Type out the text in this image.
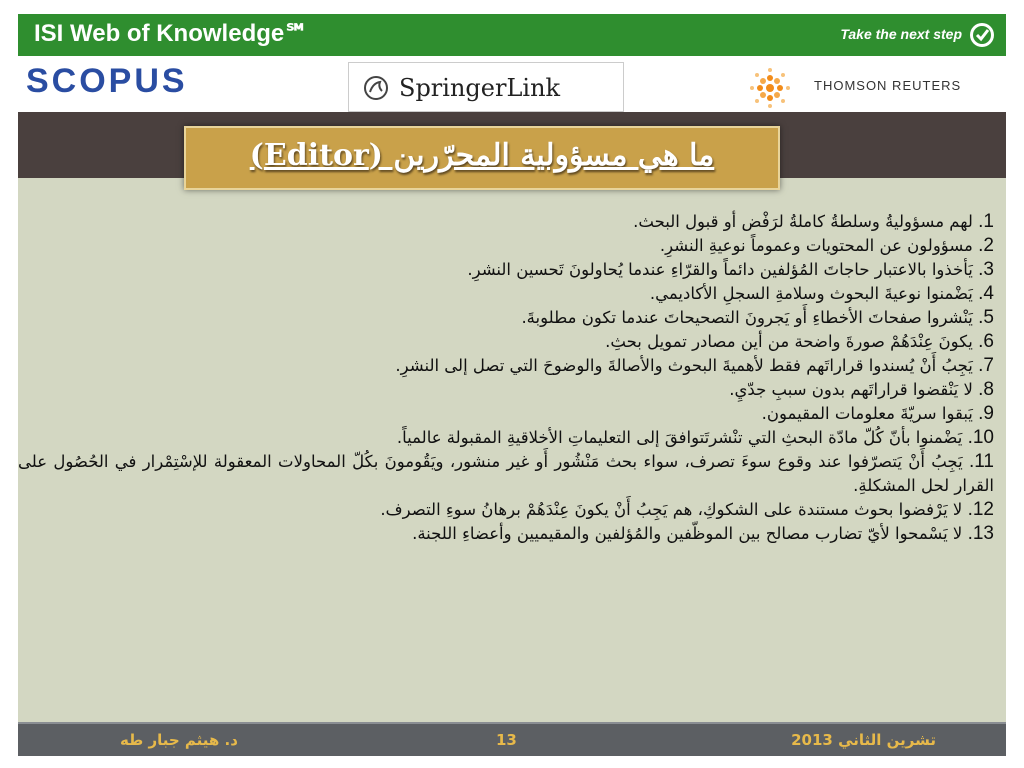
ISI Web of Knowledge℠	Take the next step
SCOPUS	SpringerLink	THOMSON REUTERS
1. لهم مسؤوليةُ وسلطةُ كاملةُ لرَفْض أو قبول البحث.
2. مسؤولون عن المحتويات وعموماً نوعيةِ النشرِ.
3. يَأخذوا بالاعتبار حاجاتَ المُؤلفين دائماً والقرّاءِ عندما يُحاولونَ تَحسين النشرِ.
4. يَضْمنوا نوعيةَ البحوث وسلامةِ السجلِ الأكاديمي.
5. يَنْشروا صفحاتَ الأخطاءِ أَو يَجرونَ التصحيحاتَ عندما تكون مطلوبةَ.
6. يكونَ عِنْدَهُمْ صورةَ واضحة من أين مصادر تمويل بحثِ.
7. يَجِبُ أَنْ يُسندوا قراراتَهم فقط لأهميةَ البحوث والأصالةَ والوضوحَ التي تصل إلى النشرِ.
8. لا يَنْقضوا قراراتَهم بدون سببِ جدّيِ.
9. يَبقوا سريّةَ معلومات المقيمون.
10. يَضْمنوا بأنّ كُلّ مادّة البحثِ التي تنْشرتَتوافقَ إلى التعليماتِ الأخلاقيةِ المقبولة عالمياً.
11. يَجِبُ أَنْ يَتصرّفوا عند وقوع سوءَ تصرف، سواء بحث مَنْشُور أَو غير منشور، ويَقُومونَ بكُلّ المحاولات المعقولة للإسْتِمْرار في الحُصُول على القرار لحل المشكلةِ.
12. لا يَرْفضوا بحوث مستندة على الشكوكِ، هم يَجِبُ أَنْ يكونَ عِنْدَهُمْ برهانُ سوءِ التصرف.
13. لا يَسْمحوا لأيّ تضارب مصالح بين الموظّفين والمُؤلفين والمقيميين وأعضاءِ اللجنة.
ما هي مسؤولية المحرّرين (Editor)
د. هيثم جبار طه	13	تشرين الثاني 2013
